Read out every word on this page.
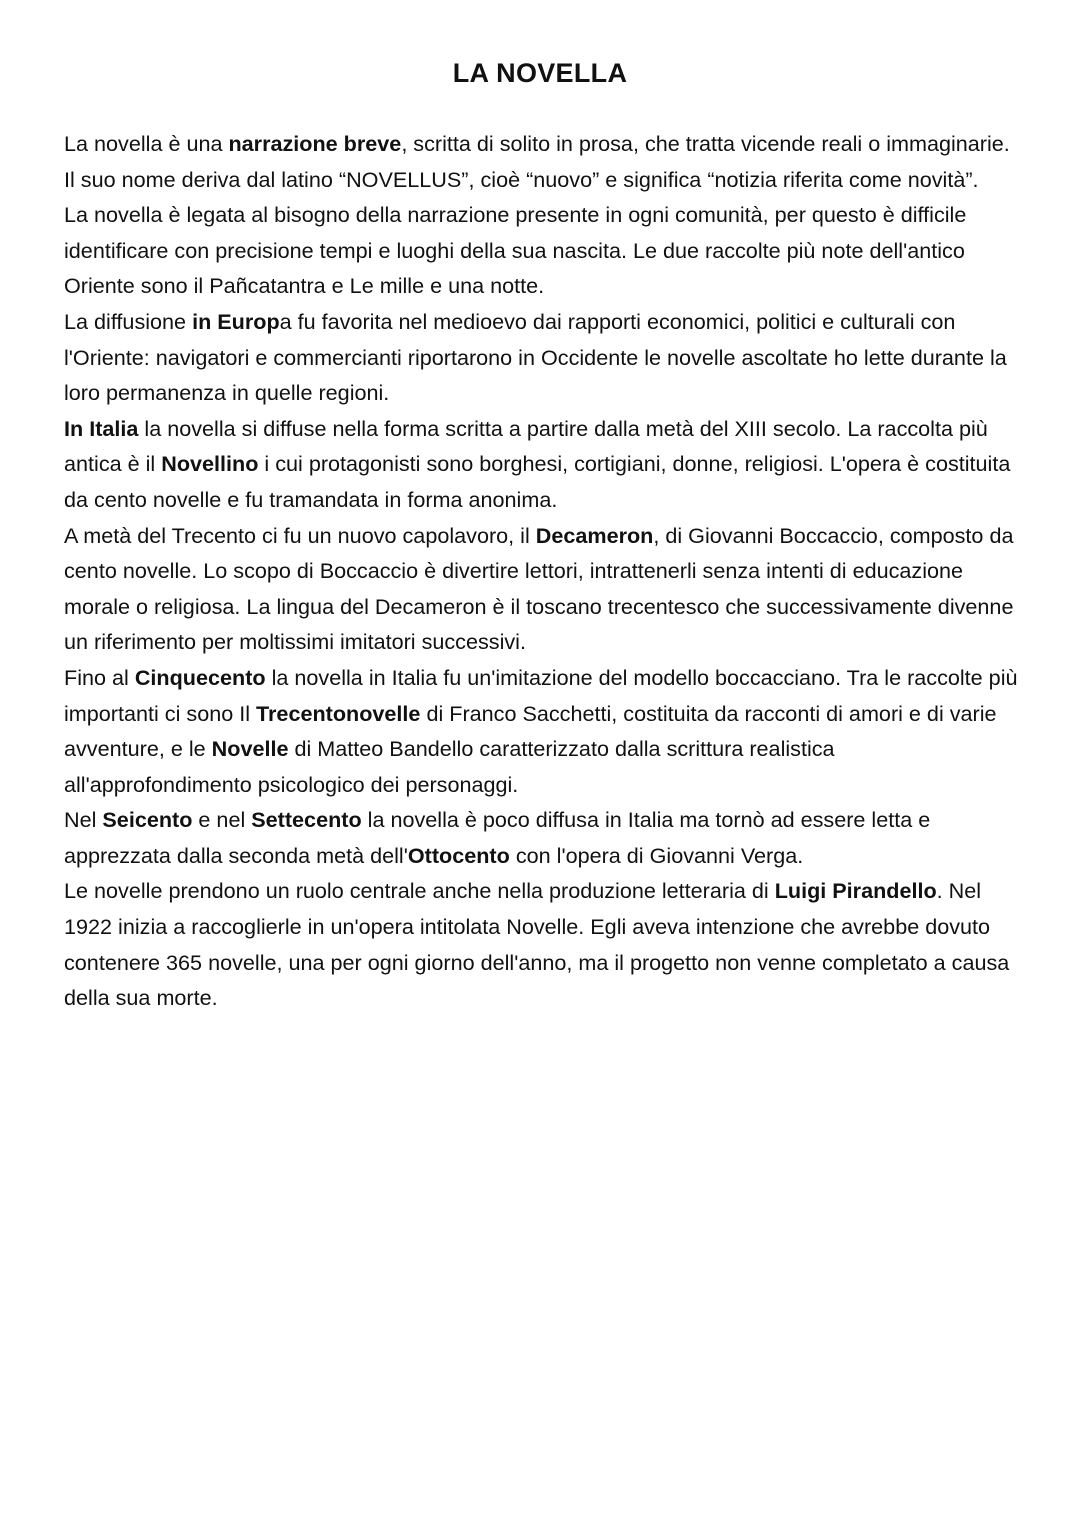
LA NOVELLA

La novella è una narrazione breve, scritta di solito in prosa, che tratta vicende reali o immaginarie. Il suo nome deriva dal latino “NOVELLUS”, cioè “nuovo” e significa “notizia riferita come novità”.

La novella è legata al bisogno della narrazione presente in ogni comunità, per questo è difficile identificare con precisione tempi e luoghi della sua nascita. Le due raccolte più note dell'antico Oriente sono il Pañcatantra e Le mille e una notte.

La diffusione in Europa fu favorita nel medioevo dai rapporti economici, politici e culturali con l'Oriente: navigatori e commercianti riportarono in Occidente le novelle ascoltate ho lette durante la loro permanenza in quelle regioni.

In Italia la novella si diffuse nella forma scritta a partire dalla metà del XIII secolo. La raccolta più antica è il Novellino i cui protagonisti sono borghesi, cortigiani, donne, religiosi. L'opera è costituita da cento novelle e fu tramandata in forma anonima.

A metà del Trecento ci fu un nuovo capolavoro, il Decameron, di Giovanni Boccaccio, composto da cento novelle. Lo scopo di Boccaccio è divertire lettori, intrattenerli senza intenti di educazione morale o religiosa. La lingua del Decameron è il toscano trecentesco che successivamente divenne un riferimento per moltissimi imitatori successivi.

Fino al Cinquecento la novella in Italia fu un'imitazione del modello boccacciano. Tra le raccolte più importanti ci sono Il Trecentonovelle di Franco Sacchetti, costituita da racconti di amori e di varie avventure, e le Novelle di Matteo Bandello caratterizzato dalla scrittura realistica all'approfondimento psicologico dei personaggi.

Nel Seicento e nel Settecento la novella è poco diffusa in Italia ma tornò ad essere letta e apprezzata dalla seconda metà dell'Ottocento con l'opera di Giovanni Verga.

Le novelle prendono un ruolo centrale anche nella produzione letteraria di Luigi Pirandello. Nel 1922 inizia a raccoglierle in un'opera intitolata Novelle. Egli aveva intenzione che avrebbe dovuto contenere 365 novelle, una per ogni giorno dell'anno, ma il progetto non venne completato a causa della sua morte.
